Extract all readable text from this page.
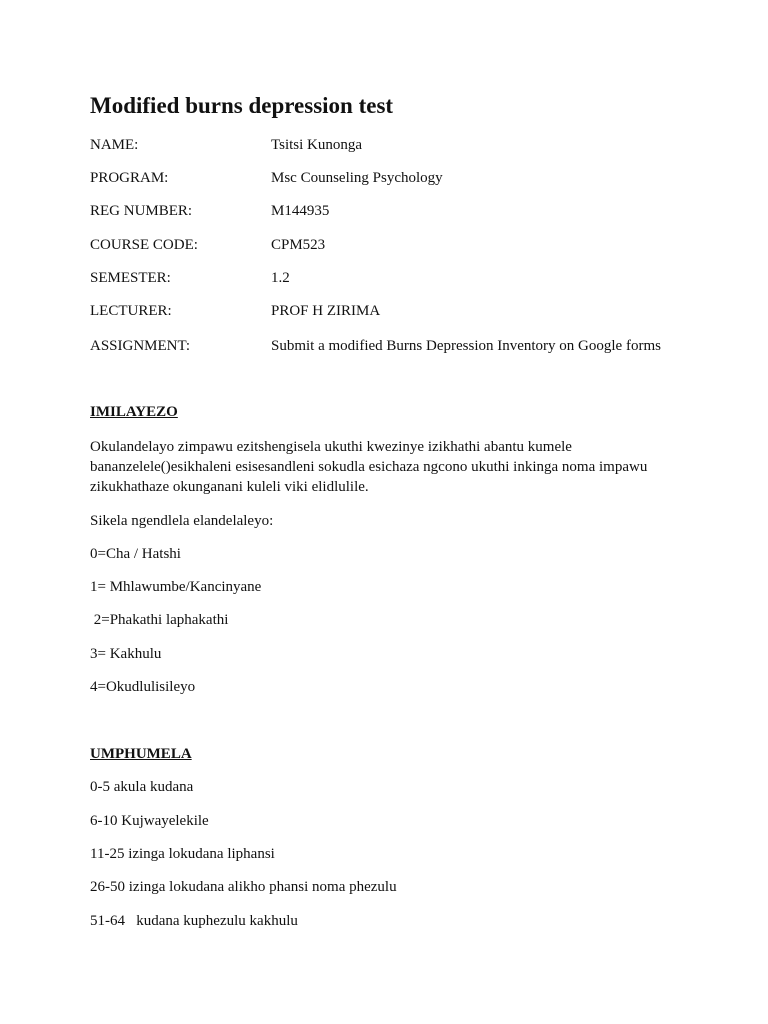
Modified burns depression test
NAME:	Tsitsi Kunonga
PROGRAM:	Msc Counseling Psychology
REG NUMBER:	M144935
COURSE CODE:	CPM523
SEMESTER:	1.2
LECTURER:	PROF H ZIRIMA
ASSIGNMENT:	Submit a modified Burns Depression Inventory on Google forms
IMILAYEZO

Okulandelayo zimpawu ezitshengisela ukuthi kwezinye izikhathi abantu kumele bananzelele()esikhaleni esisesandleni sokudla esichaza ngcono ukuthi inkinga noma impawu zikukhathaze okunganani kuleli viki elidlulile.

Sikela ngendlela elandelaleyo:
0=Cha / Hatshi
1= Mhlawumbe/Kancinyane
2=Phakathi laphakathi
3= Kakhulu
4=Okudlulisileyo
UMPHUMELA
0-5 akula kudana
6-10 Kujwayelekile
11-25 izinga lokudana liphansi
26-50 izinga lokudana alikho phansi noma phezulu
51-64   kudana kuphezulu kakhulu
